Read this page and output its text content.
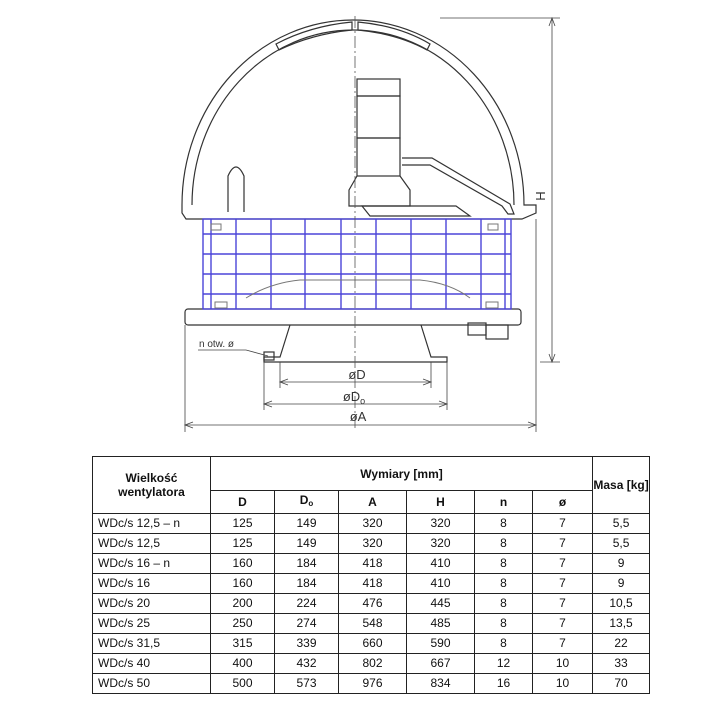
H
øD
$øD_o$
øA
n otw. ø
Wielkość wentylatora	Wymiary [mm]						Masa [kg]
	D	$D_o$	A	H	n	ø	
WDc/s 12,5 – n	125	149	320	320	8	7	5,5
WDc/s 12,5	125	149	320	320	8	7	5,5
WDc/s 16 – n	160	184	418	410	8	7	9
WDc/s 16	160	184	418	410	8	7	9
WDc/s 20	200	224	476	445	8	7	10,5
WDc/s 25	250	274	548	485	8	7	13,5
WDc/s 31,5	315	339	660	590	8	7	22
WDc/s 40	400	432	802	667	12	10	33
WDc/s 50	500	573	976	834	16	10	70
